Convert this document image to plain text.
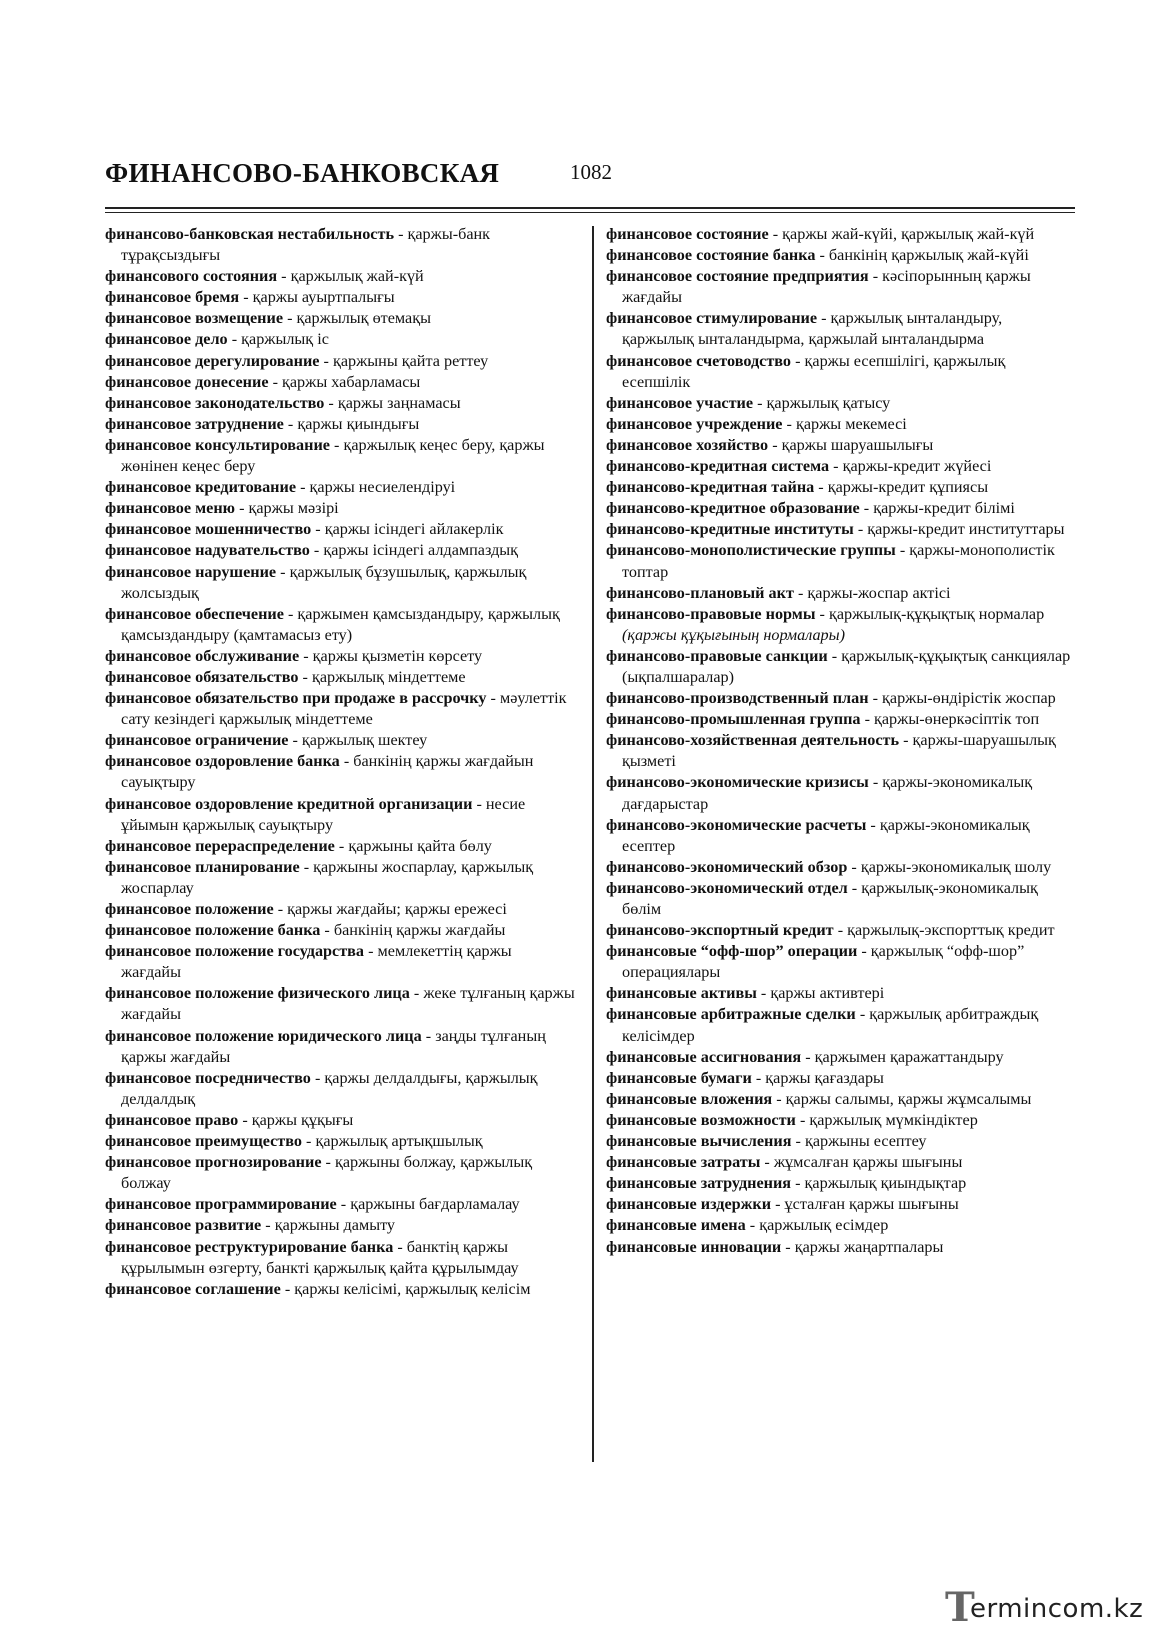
ФИНАНСОВО-БАНКОВСКАЯ	1082

финансово-банковская нестабильность - қаржы-банк тұрақсыздығы

финансового состояния - қаржылық жай-күй

финансовое бремя - қаржы ауыртпалығы

финансовое возмещение - қаржылық өтемақы

финансовое дело - қаржылық іс

финансовое дерегулирование - қаржыны қайта реттеу

финансовое донесение - қаржы хабарламасы

финансовое законодательство - қаржы заңнамасы

финансовое затруднение - қаржы қиындығы

финансовое консультирование - қаржылық кеңес беру, қаржы жөнінен кеңес беру

финансовое кредитование - қаржы несиелендіруі

финансовое меню - қаржы мәзірі

финансовое мошенничество - қаржы ісіндегі айлакерлік

финансовое надувательство - қаржы ісіндегі алдампаздық

финансовое нарушение - қаржылық бұзушылық, қаржылық жолсыздық

финансовое обеспечение - қаржымен қамсыздандыру, қаржылық қамсыздандыру (қамтамасыз ету)

финансовое обслуживание - қаржы қызметін көрсету

финансовое обязательство - қаржылық міндеттеме

финансовое обязательство при продаже в рассрочку - мәулеттік сату кезіндегі қаржылық міндеттеме

финансовое ограничение - қаржылық шектеу

финансовое оздоровление банка - банкінің қаржы жағдайын сауықтыру

финансовое оздоровление кредитной организации - несие ұйымын қаржылық сауықтыру

финансовое перераспределение - қаржыны қайта бөлу

финансовое планирование - қаржыны жоспарлау, қаржылық жоспарлау

финансовое положение - қаржы жағдайы; қаржы ережесі

финансовое положение банка - банкінің қаржы жағдайы

финансовое положение государства - мемлекеттің қаржы жағдайы

финансовое положение физического лица - жеке тұлғаның қаржы жағдайы

финансовое положение юридического лица - заңды тұлғаның қаржы жағдайы

финансовое посредничество - қаржы делдалдығы, қаржылық делдалдық

финансовое право - қаржы құқығы

финансовое преимущество - қаржылық артықшылық

финансовое прогнозирование - қаржыны болжау, қаржылық болжау

финансовое программирование - қаржыны бағдарламалау

финансовое развитие - қаржыны дамыту

финансовое реструктурирование банка - банктің қаржы құрылымын өзгерту, банкті қаржылық қайта құрылымдау

финансовое соглашение - қаржы келісімі, қаржылық келісім

финансовое состояние - қаржы жай-күйі, қаржылық жай-күй

финансовое состояние банка - банкінің қаржылық жай-күйі

финансовое состояние предприятия - кәсіпорынның қаржы жағдайы

финансовое стимулирование - қаржылық ынталандыру, қаржылық ынталандырма, қаржылай ынталандырма

финансовое счетоводство - қаржы есепшілігі, қаржылық есепшілік

финансовое участие - қаржылық қатысу

финансовое учреждение - қаржы мекемесі

финансовое хозяйство - қаржы шаруашылығы

финансово-кредитная система - қаржы-кредит жүйесі

финансово-кредитная тайна - қаржы-кредит құпиясы

финансово-кредитное образование - қаржы-кредит білімі

финансово-кредитные институты - қаржы-кредит институттары

финансово-монополистические группы - қаржы-монополистік топтар

финансово-плановый акт - қаржы-жоспар актісі

финансово-правовые нормы - қаржылық-құқықтық нормалар (қаржы құқығының нормалары)

финансово-правовые санкции - қаржылық-құқықтық санкциялар (ықпалшаралар)

финансово-производственный план - қаржы-өндірістік жоспар

финансово-промышленная группа - қаржы-өнеркәсіптік топ

финансово-хозяйственная деятельность - қаржы-шаруашылық қызметі

финансово-экономические кризисы - қаржы-экономикалық дағдарыстар

финансово-экономические расчеты - қаржы-экономикалық есептер

финансово-экономический обзор - қаржы-экономикалық шолу

финансово-экономический отдел - қаржылық-экономикалық бөлім

финансово-экспортный кредит - қаржылық-экспорттық кредит

финансовые “офф-шор” операции - қаржылық “офф-шор” операциялары

финансовые активы - қаржы активтері

финансовые арбитражные сделки - қаржылық арбитраждық келісімдер

финансовые ассигнования - қаржымен қаражаттандыру

финансовые бумаги - қаржы қағаздары

финансовые вложения - қаржы салымы, қаржы жұмсалымы

финансовые возможности - қаржылық мүмкіндіктер

финансовые вычисления - қаржыны есептеу

финансовые затраты - жұмсалған қаржы шығыны

финансовые затруднения - қаржылық қиындықтар

финансовые издержки - ұсталған қаржы шығыны

финансовые имена - қаржылық есімдер

финансовые инновации - қаржы жаңартпалары

T
ermincom.kz
